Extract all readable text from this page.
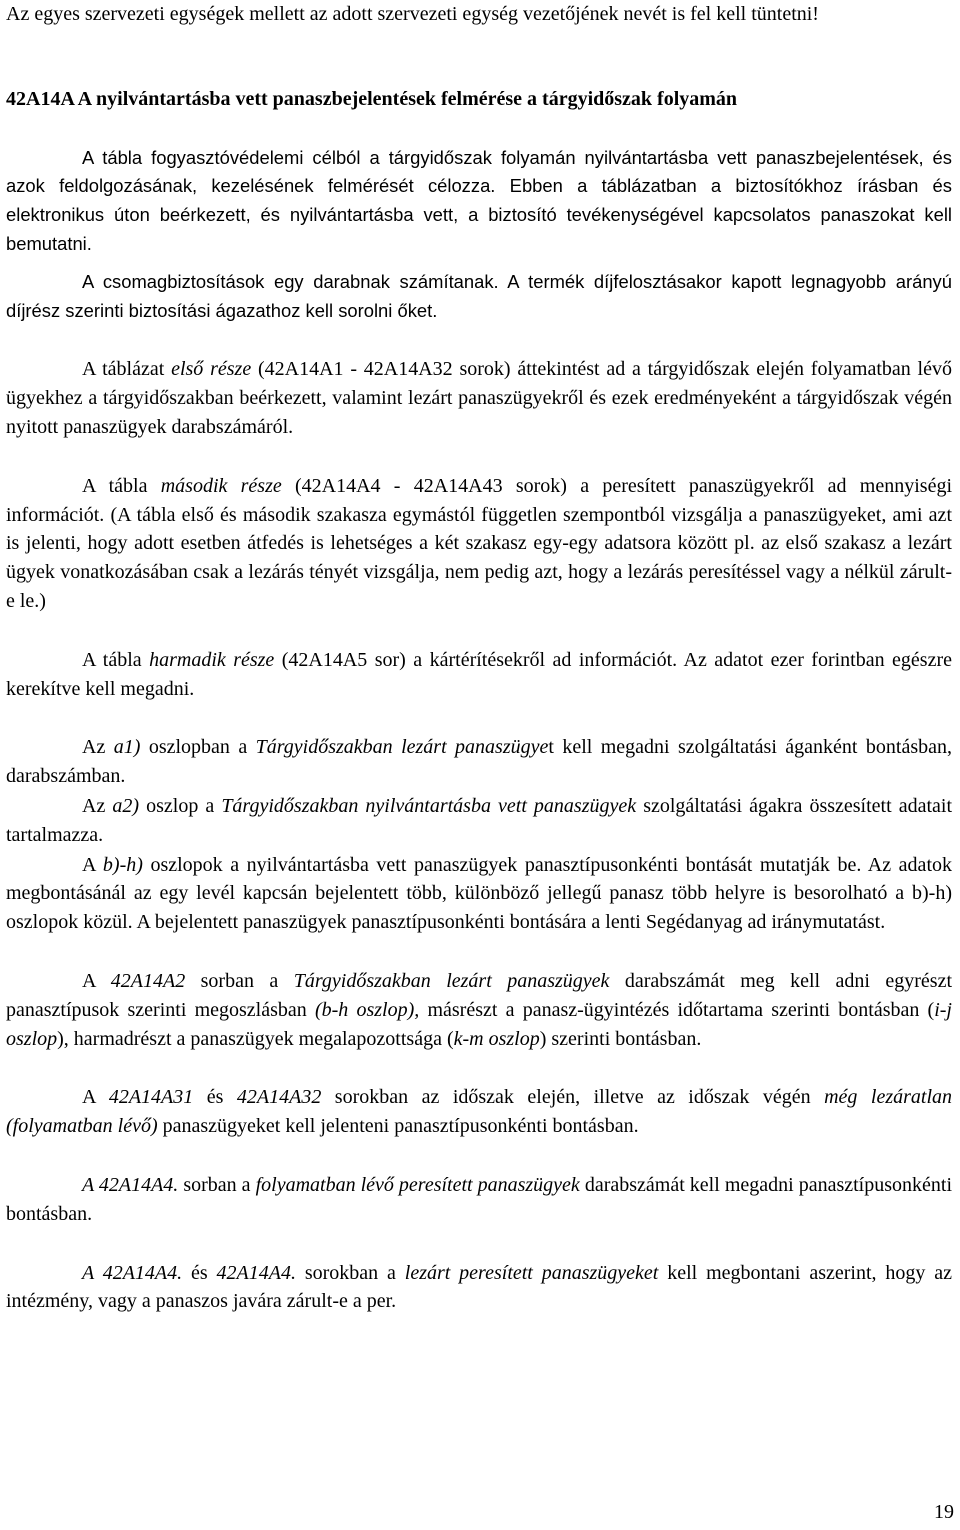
Az egyes szervezeti egységek mellett az adott szervezeti egység vezetőjének nevét is fel kell tüntetni!

42A14A A nyilvántartásba vett panaszbejelentések felmérése a tárgyidőszak folyamán

A tábla fogyasztóvédelemi célból a tárgyidőszak folyamán nyilvántartásba vett panaszbejelentések, és azok feldolgozásának, kezelésének felmérését célozza. Ebben a táblázatban a biztosítókhoz írásban és elektronikus úton beérkezett, és nyilvántartásba vett, a biztosító tevékenységével kapcsolatos panaszokat kell bemutatni.

A csomagbiztosítások egy darabnak számítanak. A termék díjfelosztásakor kapott legnagyobb arányú díjrész szerinti biztosítási ágazathoz kell sorolni őket.

A táblázat első része (42A14A1 - 42A14A32 sorok) áttekintést ad a tárgyidőszak elején folyamatban lévő ügyekhez a tárgyidőszakban beérkezett, valamint lezárt panaszügyekről és ezek eredményeként a tárgyidőszak végén nyitott panaszügyek darabszámáról.

A tábla második része (42A14A4 - 42A14A43 sorok) a peresített panaszügyekről ad mennyiségi információt. (A tábla első és második szakasza egymástól független szempontból vizsgálja a panaszügyeket, ami azt is jelenti, hogy adott esetben átfedés is lehetséges a két szakasz egy-egy adatsora között pl. az első szakasz a lezárt ügyek vonatkozásában csak a lezárás tényét vizsgálja, nem pedig azt, hogy a lezárás peresítéssel vagy a nélkül zárult-e le.)

A tábla harmadik része (42A14A5 sor) a kártérítésekről ad információt. Az adatot ezer forintban egészre kerekítve kell megadni.

Az a1) oszlopban a Tárgyidőszakban lezárt panaszügyet kell megadni szolgáltatási áganként bontásban, darabszámban.

Az a2) oszlop a Tárgyidőszakban nyilvántartásba vett panaszügyek szolgáltatási ágakra összesített adatait tartalmazza.

A b)-h) oszlopok a nyilvántartásba vett panaszügyek panasztípusonkénti bontását mutatják be. Az adatok megbontásánál az egy levél kapcsán bejelentett több, különböző jellegű panasz több helyre is besorolható a b)-h) oszlopok közül. A bejelentett panaszügyek panasztípusonkénti bontására a lenti Segédanyag ad iránymutatást.

A 42A14A2 sorban a Tárgyidőszakban lezárt panaszügyek darabszámát meg kell adni egyrészt panasztípusok szerinti megoszlásban (b-h oszlop), másrészt a panasz-ügyintézés időtartama szerinti bontásban (i-j oszlop), harmadrészt a panaszügyek megalapozottsága (k-m oszlop) szerinti bontásban.

A 42A14A31 és 42A14A32 sorokban az időszak elején, illetve az időszak végén még lezáratlan (folyamatban lévő) panaszügyeket kell jelenteni panasztípusonkénti bontásban.

A 42A14A4. sorban a folyamatban lévő peresített panaszügyek darabszámát kell megadni panasztípusonkénti bontásban.

A 42A14A4. és 42A14A4. sorokban a lezárt peresített panaszügyeket kell megbontani aszerint, hogy az intézmény, vagy a panaszos javára zárult-e a per.

19
